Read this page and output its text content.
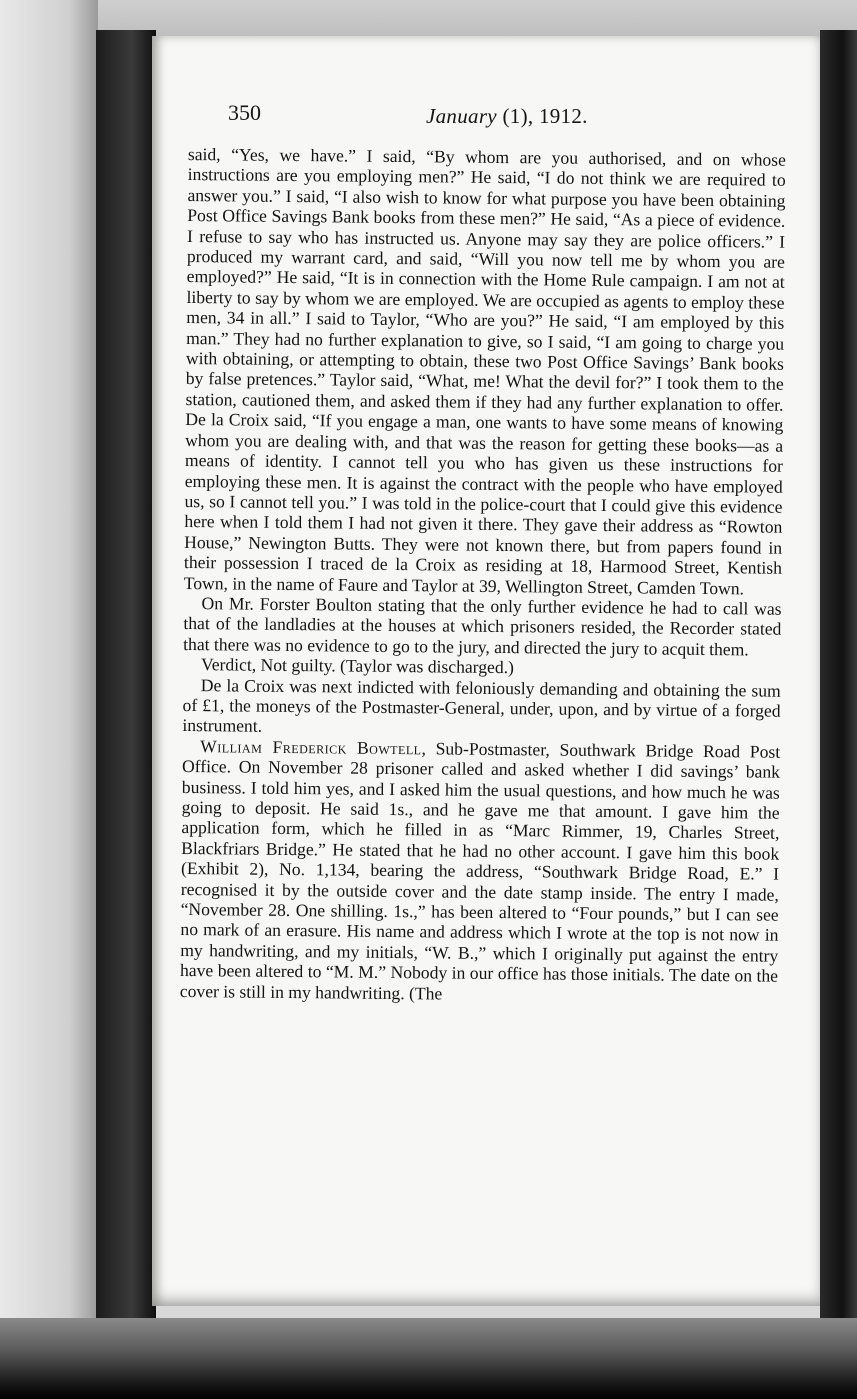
350	January (1), 1912.

said, “Yes, we have.” I said, “By whom are you authorised, and on whose instructions are you employing men?” He said, “I do not think we are required to answer you.” I said, “I also wish to know for what purpose you have been obtaining Post Office Savings Bank books from these men?” He said, “As a piece of evidence. I refuse to say who has instructed us. Anyone may say they are police officers.” I produced my warrant card, and said, “Will you now tell me by whom you are employed?” He said, “It is in connection with the Home Rule campaign. I am not at liberty to say by whom we are employed. We are occupied as agents to employ these men, 34 in all.” I said to Taylor, “Who are you?” He said, “I am employed by this man.” They had no further explanation to give, so I said, “I am going to charge you with obtaining, or attempting to obtain, these two Post Office Savings’ Bank books by false pretences.” Taylor said, “What, me! What the devil for?” I took them to the station, cautioned them, and asked them if they had any further explanation to offer. De la Croix said, “If you engage a man, one wants to have some means of knowing whom you are dealing with, and that was the reason for getting these books—as a means of identity. I cannot tell you who has given us these instructions for employing these men. It is against the contract with the people who have employed us, so I cannot tell you.” I was told in the police-court that I could give this evidence here when I told them I had not given it there. They gave their address as “Rowton House,” Newington Butts. They were not known there, but from papers found in their possession I traced de la Croix as residing at 18, Harmood Street, Kentish Town, in the name of Faure and Taylor at 39, Wellington Street, Camden Town.

On Mr. Forster Boulton stating that the only further evidence he had to call was that of the landladies at the houses at which prisoners resided, the Recorder stated that there was no evidence to go to the jury, and directed the jury to acquit them.

Verdict, Not guilty. (Taylor was discharged.)

De la Croix was next indicted with feloniously demanding and obtaining the sum of £1, the moneys of the Postmaster-General, under, upon, and by virtue of a forged instrument.

William Frederick Bowtell, Sub-Postmaster, Southwark Bridge Road Post Office. On November 28 prisoner called and asked whether I did savings’ bank business. I told him yes, and I asked him the usual questions, and how much he was going to deposit. He said 1s., and he gave me that amount. I gave him the application form, which he filled in as “Marc Rimmer, 19, Charles Street, Blackfriars Bridge.” He stated that he had no other account. I gave him this book (Exhibit 2), No. 1,134, bearing the address, “Southwark Bridge Road, E.” I recognised it by the outside cover and the date stamp inside. The entry I made, “November 28. One shilling. 1s.,” has been altered to “Four pounds,” but I can see no mark of an erasure. His name and address which I wrote at the top is not now in my handwriting, and my initials, “W. B.,” which I originally put against the entry have been altered to “M. M.” Nobody in our office has those initials. The date on the cover is still in my handwriting. (The
